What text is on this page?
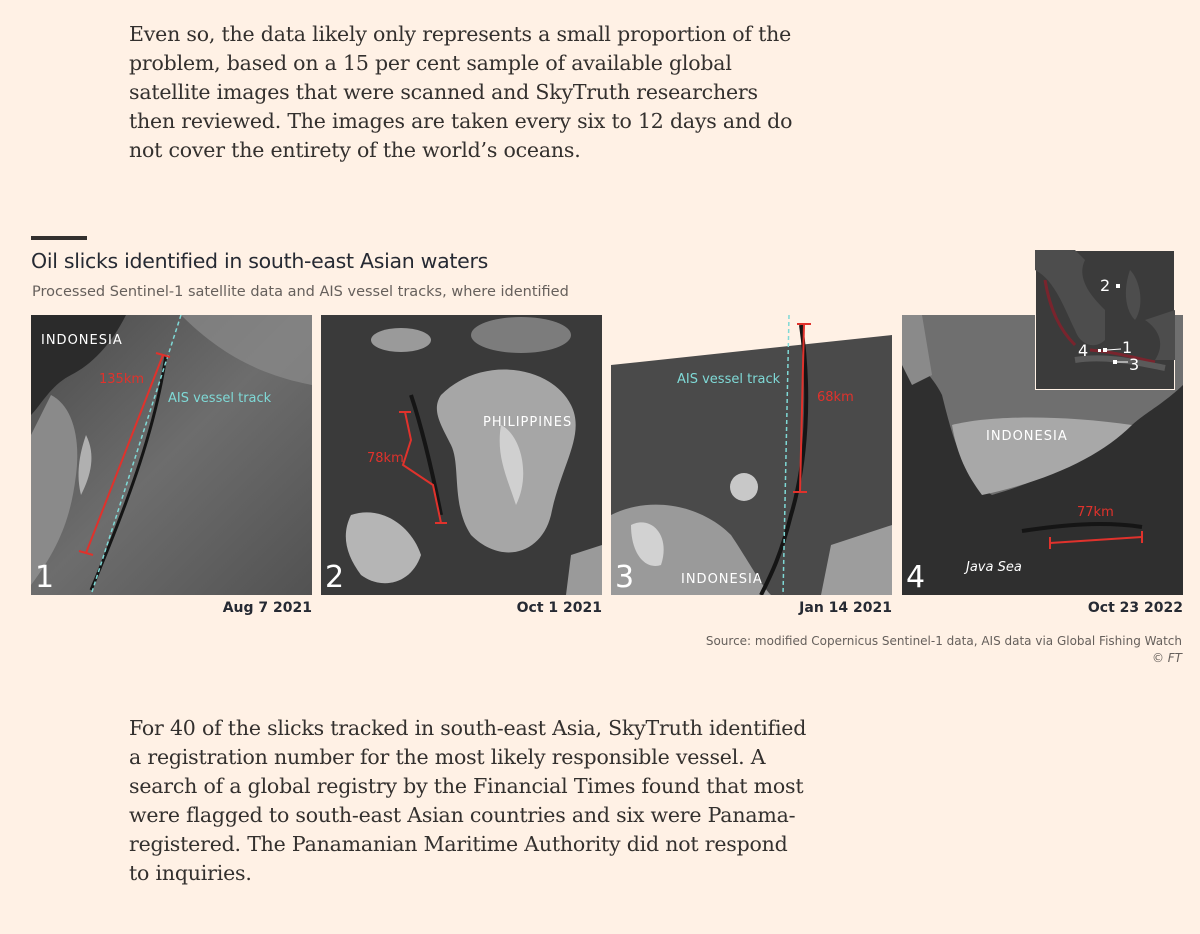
Even so, the data likely only represents a small proportion of the problem, based on a 15 per cent sample of available global satellite images that were scanned and SkyTruth researchers then reviewed. The images are taken every six to 12 days and do not cover the entirety of the world’s oceans.

Oil slicks identified in south-east Asian waters
Processed Sentinel-1 satellite data and AIS vessel tracks, where identified
INDONESIA
135km
AIS vessel track
1
Aug 7 2021
PHILIPPINES
78km
2
Oct 1 2021
AIS vessel track
68km
INDONESIA
3
Jan 14 2021
INDONESIA
77km
Java Sea
4
Oct 23 2022
2
1
3
4
Source: modified Copernicus Sentinel-1 data, AIS data via Global Fishing Watch
© FT

For 40 of the slicks tracked in south-east Asia, SkyTruth identified a registration number for the most likely responsible vessel. A search of a global registry by the Financial Times found that most were flagged to south-east Asian countries and six were Panama-registered. The Panamanian Maritime Authority did not respond to inquiries.
